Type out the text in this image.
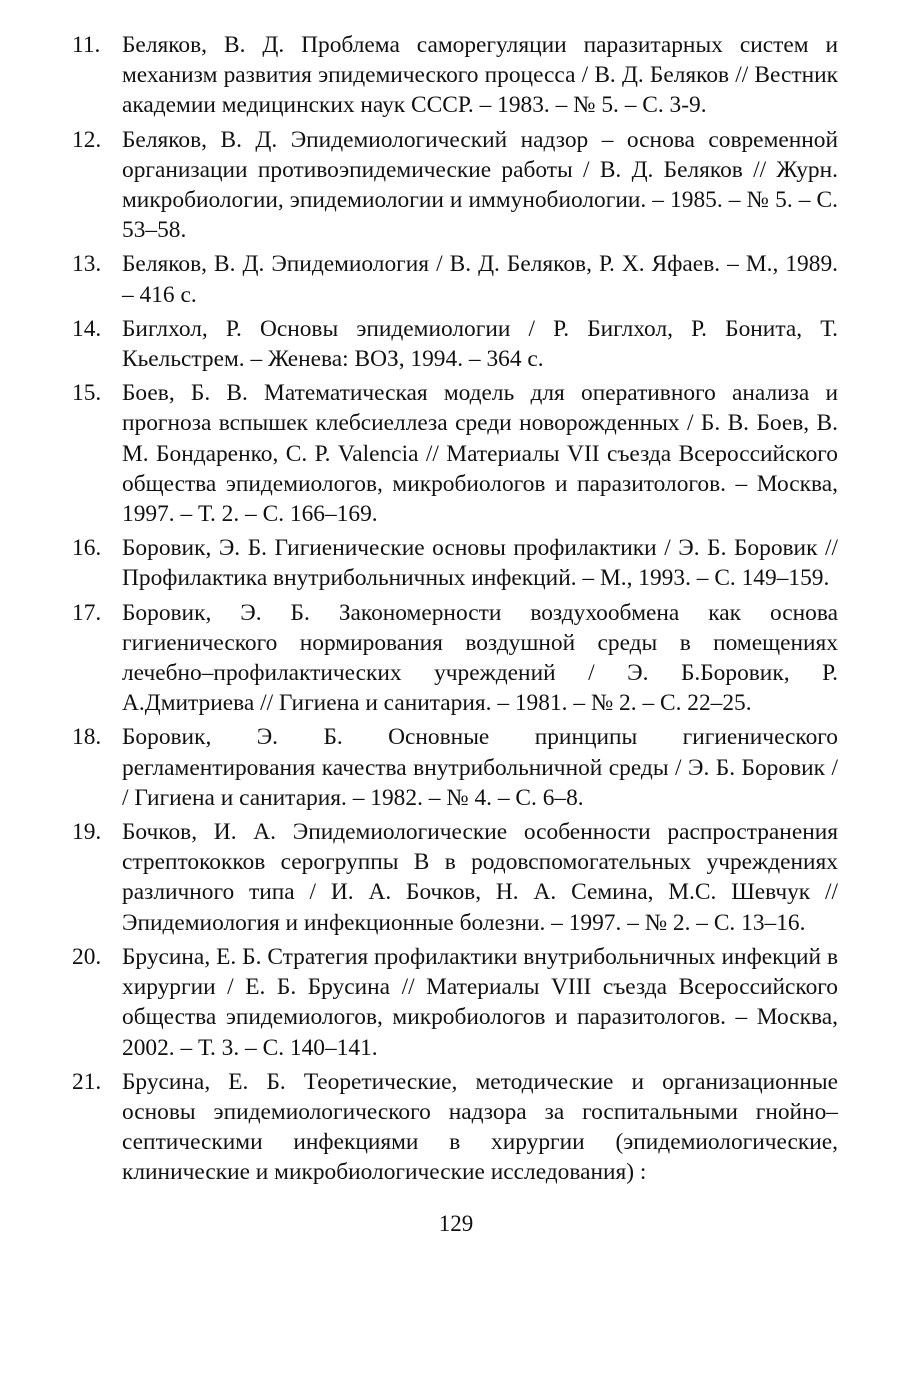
11. Беляков, В. Д. Проблема саморегуляции паразитарных систем и механизм развития эпидемического процесса / В. Д. Беляков // Вестник академии медицинских наук СССР. – 1983. – № 5. – С. 3-9.
12. Беляков, В. Д. Эпидемиологический надзор – основа современной организации противоэпидемические работы / В. Д. Беляков // Журн. микробиологии, эпидемиологии и иммунобиологии. – 1985. – № 5. – С. 53–58.
13. Беляков, В. Д. Эпидемиология / В. Д. Беляков, Р. Х. Яфаев. – М., 1989. – 416 с.
14. Биглхол, Р. Основы эпидемиологии / Р. Биглхол, Р. Бонита, Т. Кьельстрем. – Женева: ВОЗ, 1994. – 364 с.
15. Боев, Б. В. Математическая модель для оперативного анализа и прогноза вспышек клебсиеллеза среди новорожденных / Б. В. Боев, В. М. Бондаренко, С. Р. Valencia // Материалы VII съезда Всероссийского общества эпидемиологов, микробиологов и паразитологов. – Москва, 1997. – Т. 2. – С. 166–169.
16. Боровик, Э. Б. Гигиенические основы профилактики / Э. Б. Боровик // Профилактика внутрибольничных инфекций. – М., 1993. – С. 149–159.
17. Боровик, Э. Б. Закономерности воздухообмена как основа гигиенического нормирования воздушной среды в помещениях лечебно–профилактических учреждений / Э. Б.Боровик, Р. А.Дмитриева // Гигиена и санитария. – 1981. – № 2. – С. 22–25.
18. Боровик, Э. Б. Основные принципы гигиенического регламентирования качества внутрибольничной среды / Э. Б. Боровик / / Гигиена и санитария. – 1982. – № 4. – С. 6–8.
19. Бочков, И. А. Эпидемиологические особенности распространения стрептококков серогруппы В в родовспомогательных учреждениях различного типа / И. А. Бочков, Н. А. Семина, М.С. Шевчук // Эпидемиология и инфекционные болезни. – 1997. – № 2. – С. 13–16.
20. Брусина, Е. Б. Стратегия профилактики внутрибольничных инфекций в хирургии / Е. Б. Брусина // Материалы VIII съезда Всероссийского общества эпидемиологов, микробиологов и паразитологов. – Москва, 2002. – Т. 3. – С. 140–141.
21. Брусина, Е. Б. Теоретические, методические и организационные основы эпидемиологического надзора за госпитальными гнойно–септическими инфекциями в хирургии (эпидемиологические, клинические и микробиологические исследования) :
129
